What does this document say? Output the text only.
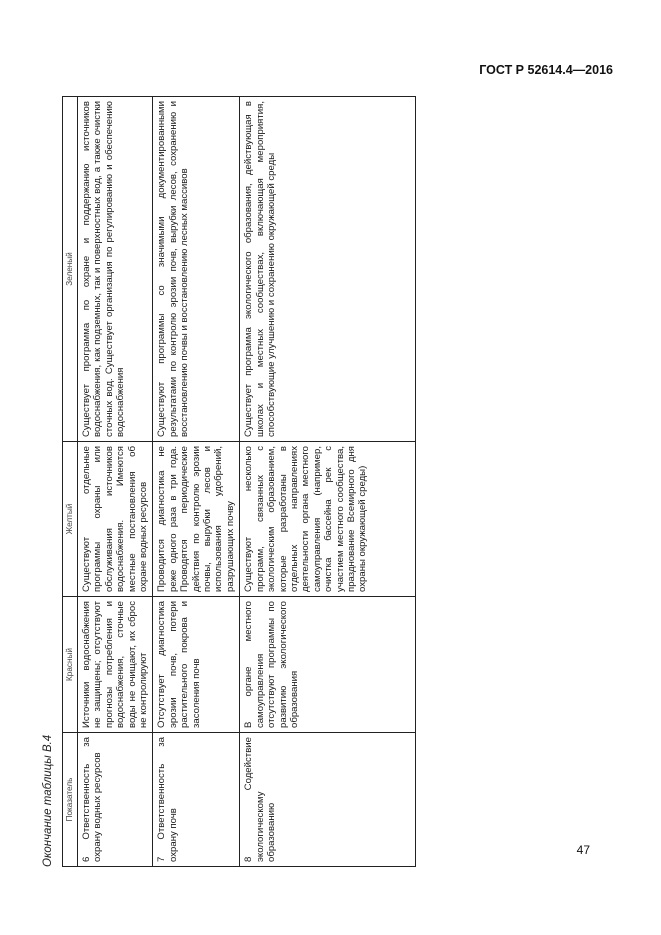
ГОСТ Р 52614.4—2016
Окончание таблицы В.4 Показатель	Красный	Желтый	Зеленый
6 Ответственность за охрану водных ресурсов	Источники водоснабжения не защищены; отсутствуют прогнозы потребления и водоснабжения, сточные воды не очищают, их сброс не контролируют	Существуют отдельные программы охраны или обслуживания источников водоснабжения. Имеются местные постановления об охране водных ресурсов	Существует программа по охране и поддержанию источников водоснабжения, как подземных, так и поверхностных вод, а также очистки сточных вод. Существует организация по регулированию и обеспечению водоснабжения
7 Ответственность за охрану почв	Отсутствует диагностика эрозии почв, потери растительного покрова и засоления почв	Проводится диагностика не реже одного раза в три года. Проводятся периодические действия по контролю эрозии почвы, вырубки лесов и использования удобрений, разрушающих почву	Существуют программы со значимыми документированными результатами по контролю эрозии почв, вырубки лесов, сохранению и восстановлению почвы и восстановлению лесных массивов
8 Содействие экологическому образованию	В органе местного самоуправления отсутствуют программы по развитию экологического образования	Существуют несколько программ, связанных с экологическим образованием, которые разработаны в отдельных направлениях деятельности органа местного самоуправления (например, очистка бассейна рек с участием местного сообщества, празднование Всемирного дня охраны окружающей среды)	Существует программа экологического образования, действующая в школах и местных сообществах, включающая мероприятия, способствующие улучшению и сохранению окружающей среды
47
